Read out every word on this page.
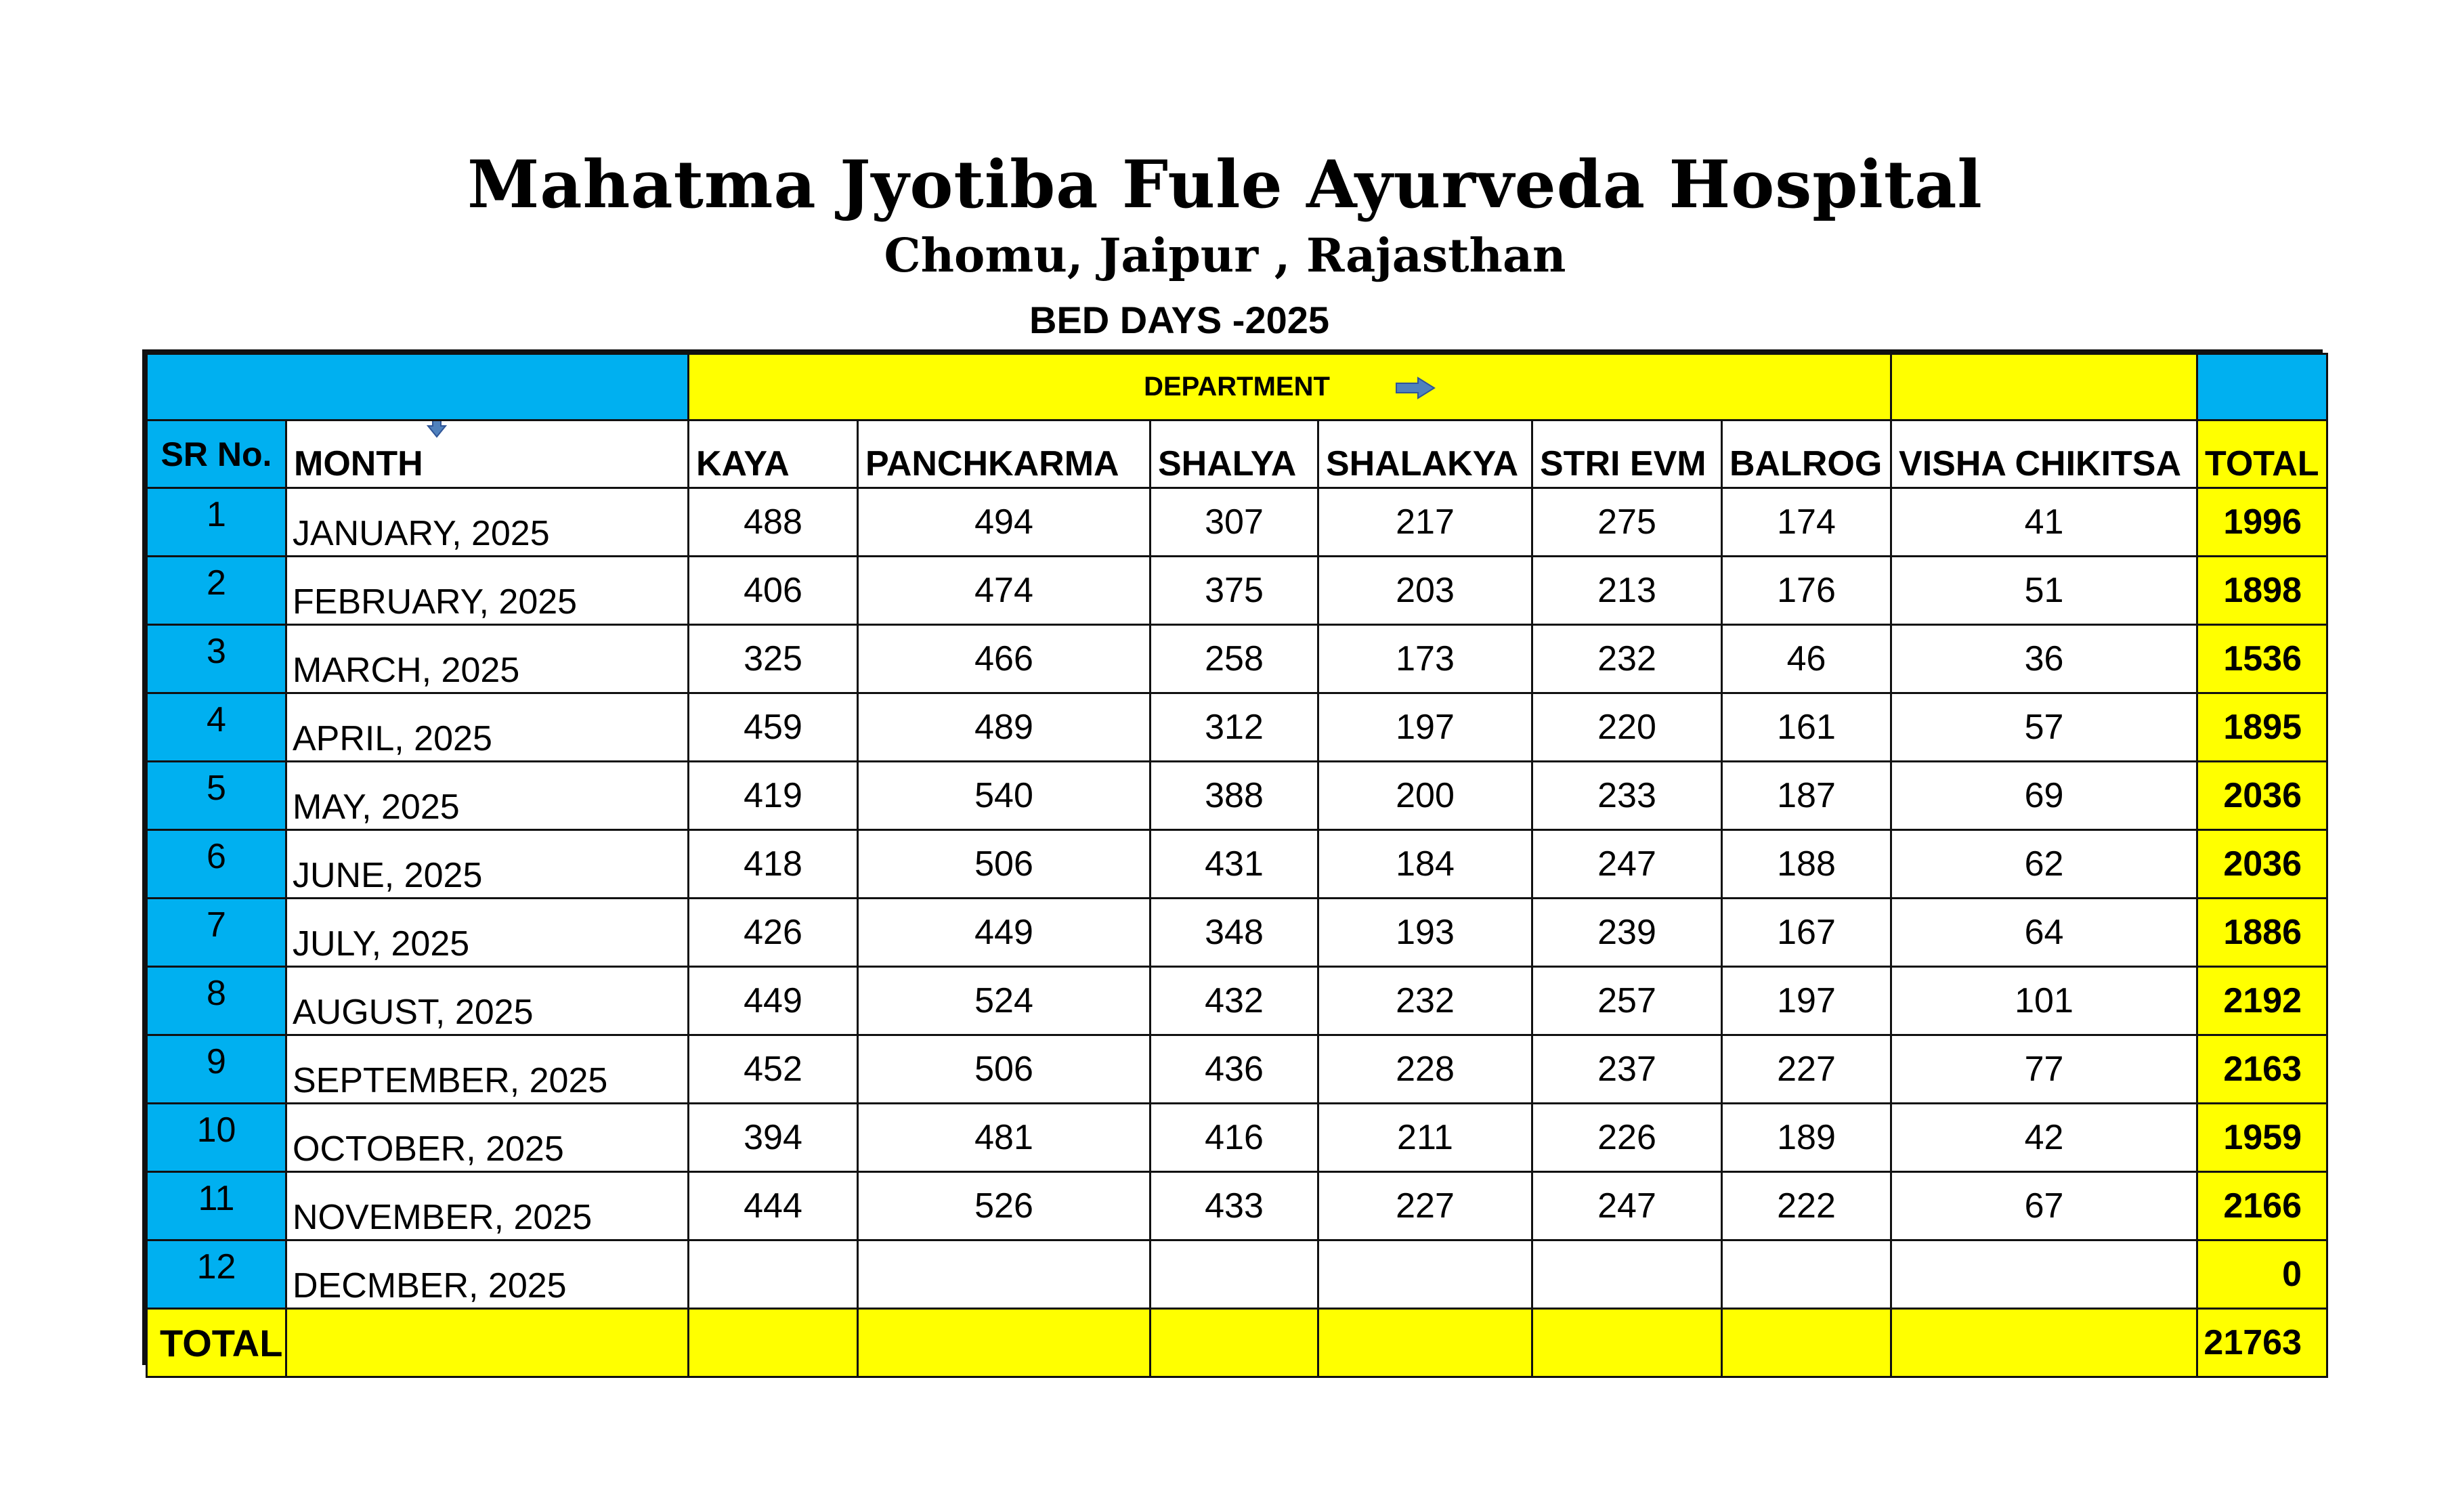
Mahatma Jyotiba Fule Ayurveda Hospital
Chomu, Jaipur , Rajasthan
BED DAYS -2025
		DEPARTMENT					

SR No.	MONTH	KAYA	PANCHKARMA	SHALYA	SHALAKYA	STRI EVM	BALROG	VISHA CHIKITSA	TOTAL
1	JANUARY, 2025	488	494	307	217	275	174	41	1996
2	FEBRUARY, 2025	406	474	375	203	213	176	51	1898
3	MARCH, 2025	325	466	258	173	232	46	36	1536
4	APRIL, 2025	459	489	312	197	220	161	57	1895
5	MAY, 2025	419	540	388	200	233	187	69	2036
6	JUNE, 2025	418	506	431	184	247	188	62	2036
7	JULY, 2025	426	449	348	193	239	167	64	1886
8	AUGUST, 2025	449	524	432	232	257	197	101	2192
9	SEPTEMBER, 2025	452	506	436	228	237	227	77	2163
10	OCTOBER, 2025	394	481	416	211	226	189	42	1959
11	NOVEMBER, 2025	444	526	433	227	247	222	67	2166
12	DECMBER, 2025								0
TOTAL									21763
